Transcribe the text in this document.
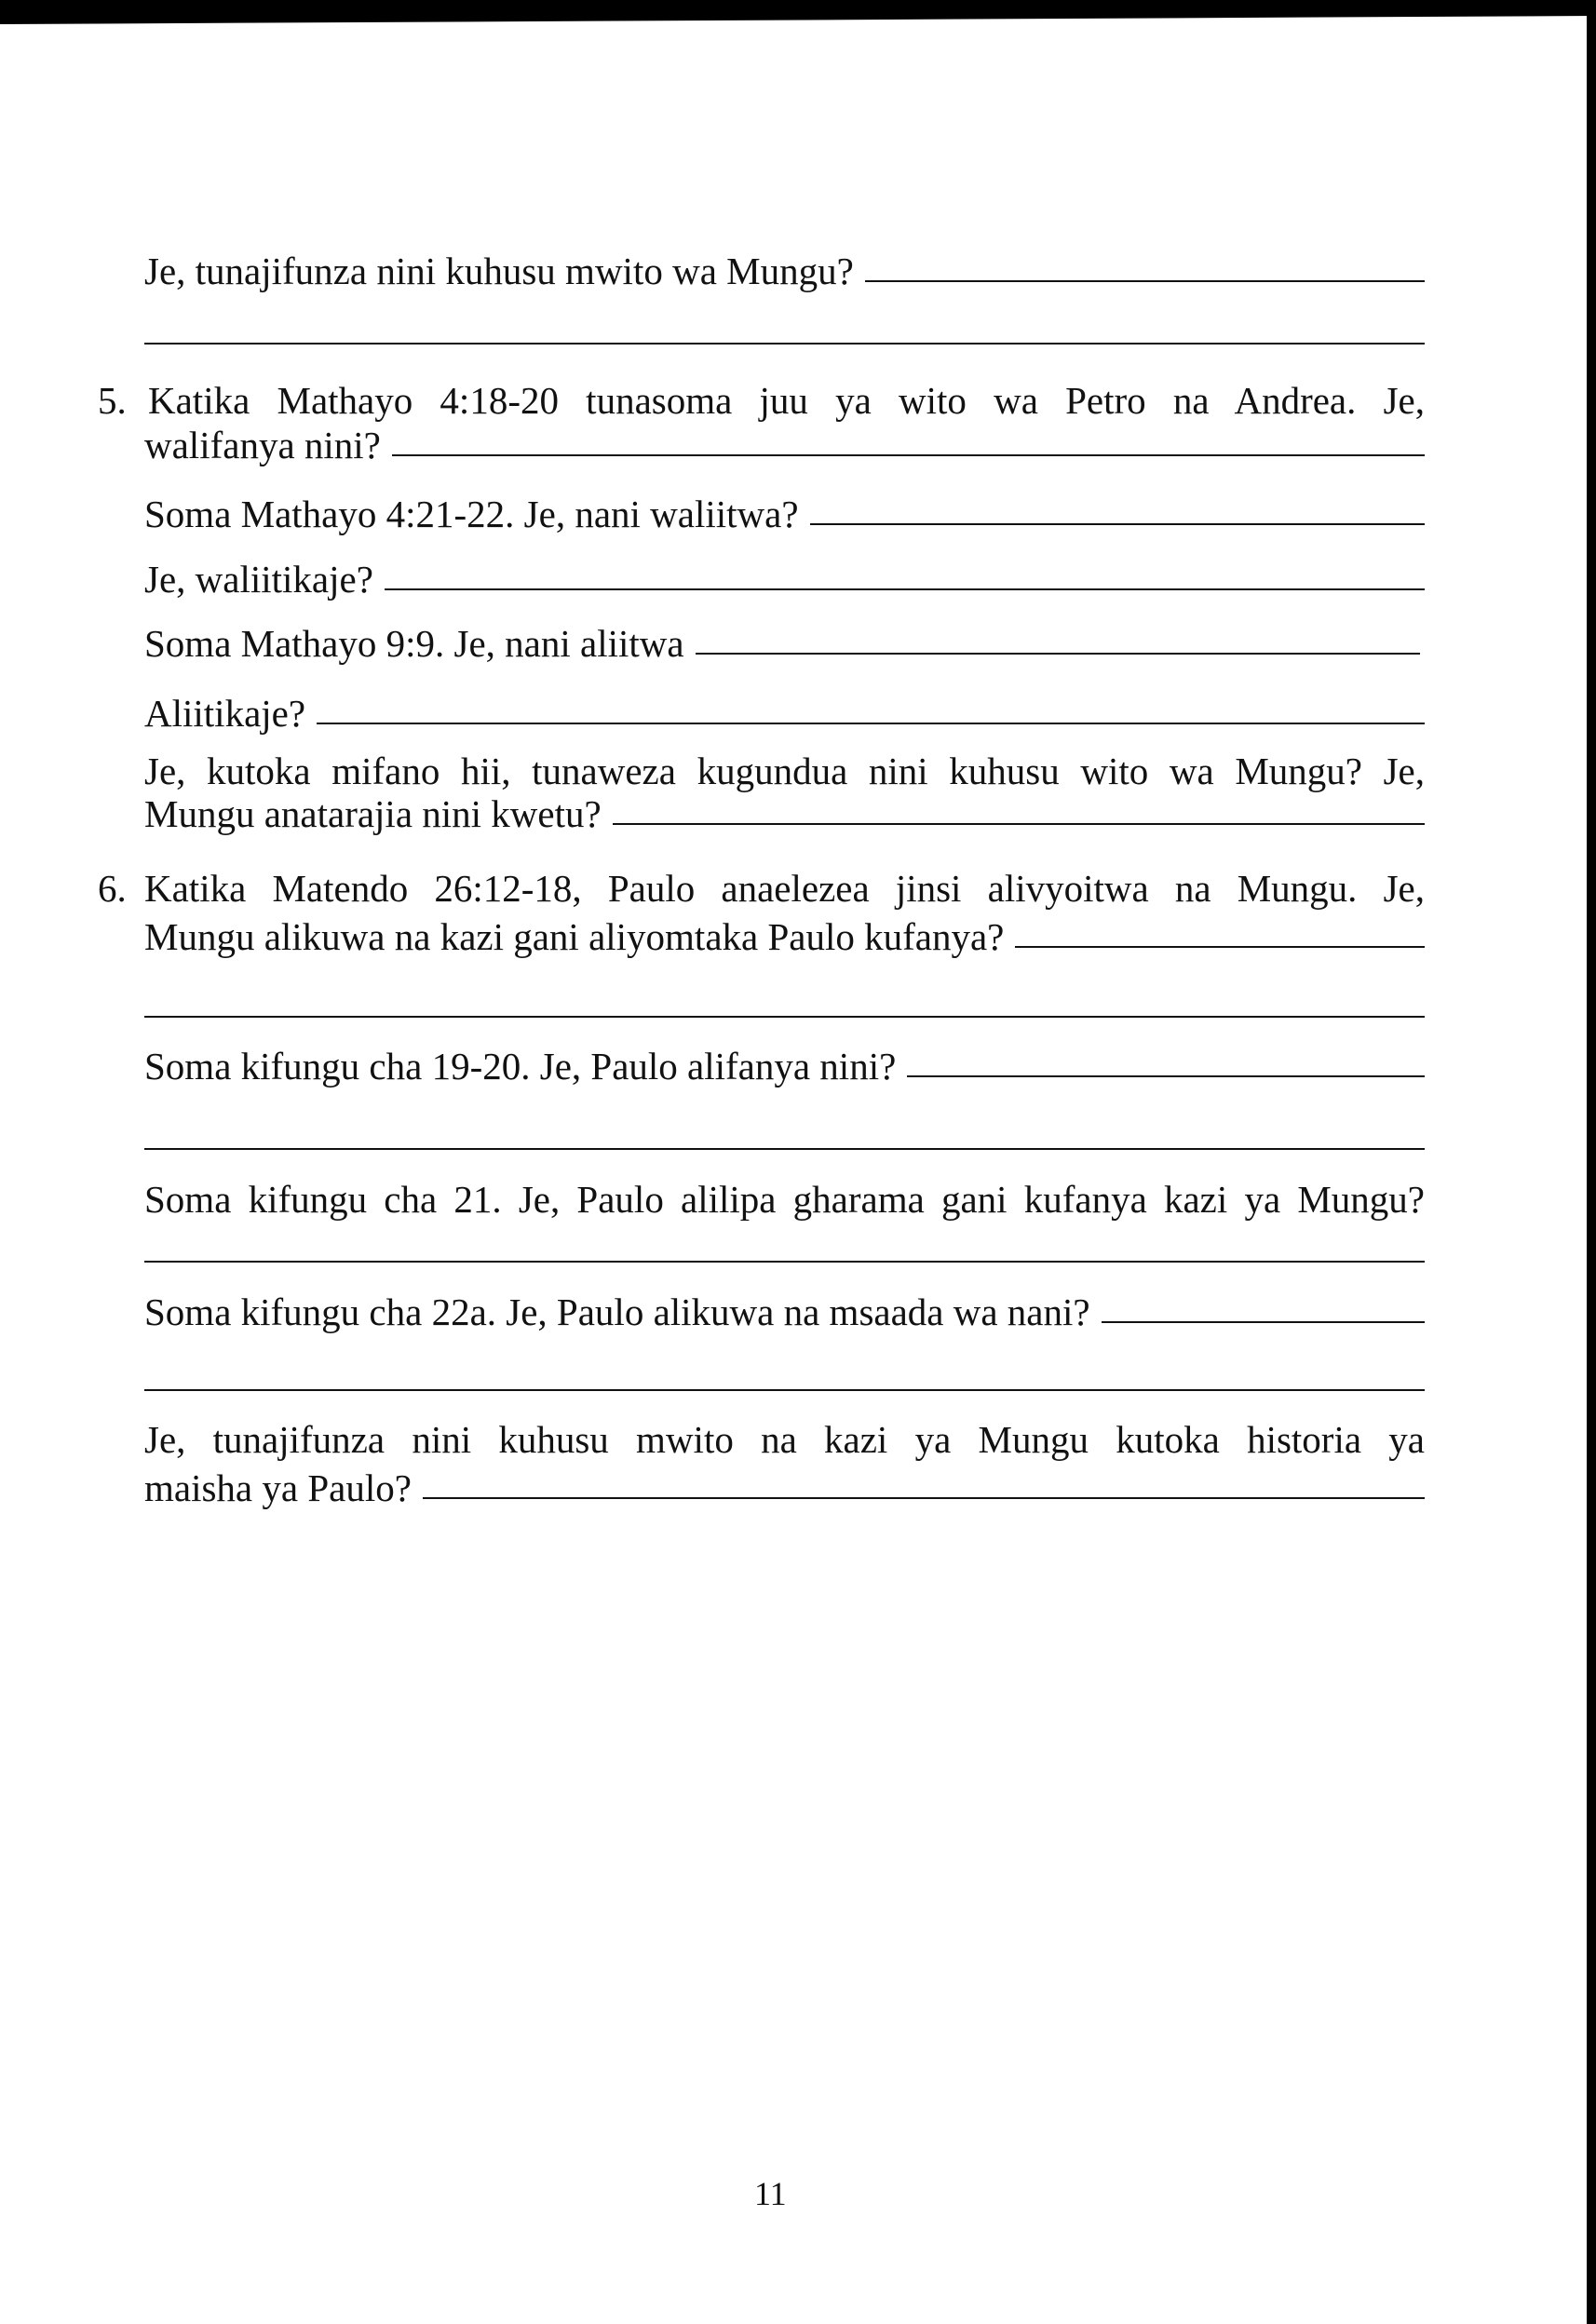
Je, tunajifunza nini kuhusu mwito wa Mungu?
5. Katika Mathayo 4:18-20 tunasoma juu ya wito wa Petro na Andrea. Je,
walifanya nini?
Soma Mathayo 4:21-22. Je, nani waliitwa?
Je, waliitikaje?
Soma Mathayo 9:9. Je, nani aliitwa
Aliitikaje?
Je, kutoka mifano hii, tunaweza kugundua nini kuhusu wito wa Mungu? Je,
Mungu anatarajia nini kwetu?
6. Katika Matendo 26:12-18, Paulo anaelezea jinsi alivyoitwa na Mungu. Je,
Mungu alikuwa na kazi gani aliyomtaka Paulo kufanya?
Soma kifungu cha 19-20. Je, Paulo alifanya nini?
Soma kifungu cha 21. Je, Paulo alilipa gharama gani kufanya kazi ya Mungu?
Soma kifungu cha 22a. Je, Paulo alikuwa na msaada wa nani?
Je, tunajifunza nini kuhusu mwito na kazi ya Mungu kutoka historia ya
maisha ya Paulo?
11
